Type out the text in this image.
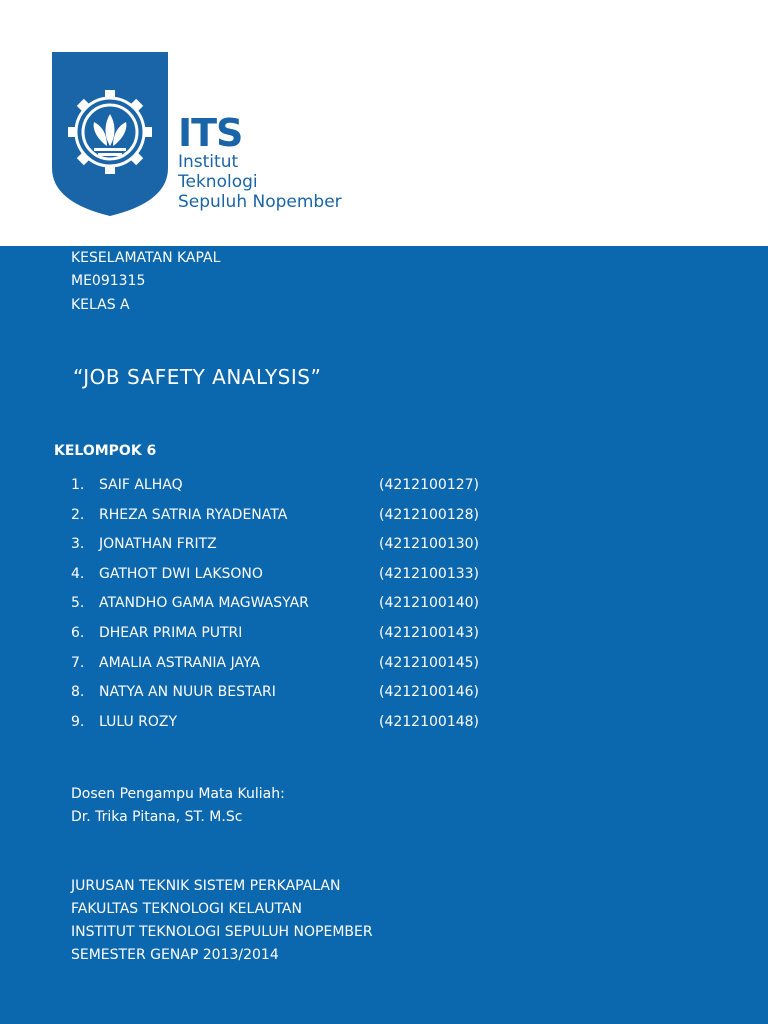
ITS
Institut
Teknologi
Sepuluh Nopember
KESELAMATAN KAPAL
ME091315
KELAS A
“JOB SAFETY ANALYSIS”
KELOMPOK 6
1.	SAIF ALHAQ	(4212100127)
2.	RHEZA SATRIA RYADENATA	(4212100128)
3.	JONATHAN FRITZ	(4212100130)
4.	GATHOT DWI LAKSONO	(4212100133)
5.	ATANDHO GAMA MAGWASYAR	(4212100140)
6.	DHEAR PRIMA PUTRI	(4212100143)
7.	AMALIA ASTRANIA JAYA	(4212100145)
8.	NATYA AN NUUR BESTARI	(4212100146)
9.	LULU ROZY	(4212100148)
Dosen Pengampu Mata Kuliah:
Dr. Trika Pitana, ST. M.Sc
JURUSAN TEKNIK SISTEM PERKAPALAN
FAKULTAS TEKNOLOGI KELAUTAN
INSTITUT TEKNOLOGI SEPULUH NOPEMBER
SEMESTER GENAP 2013/2014
